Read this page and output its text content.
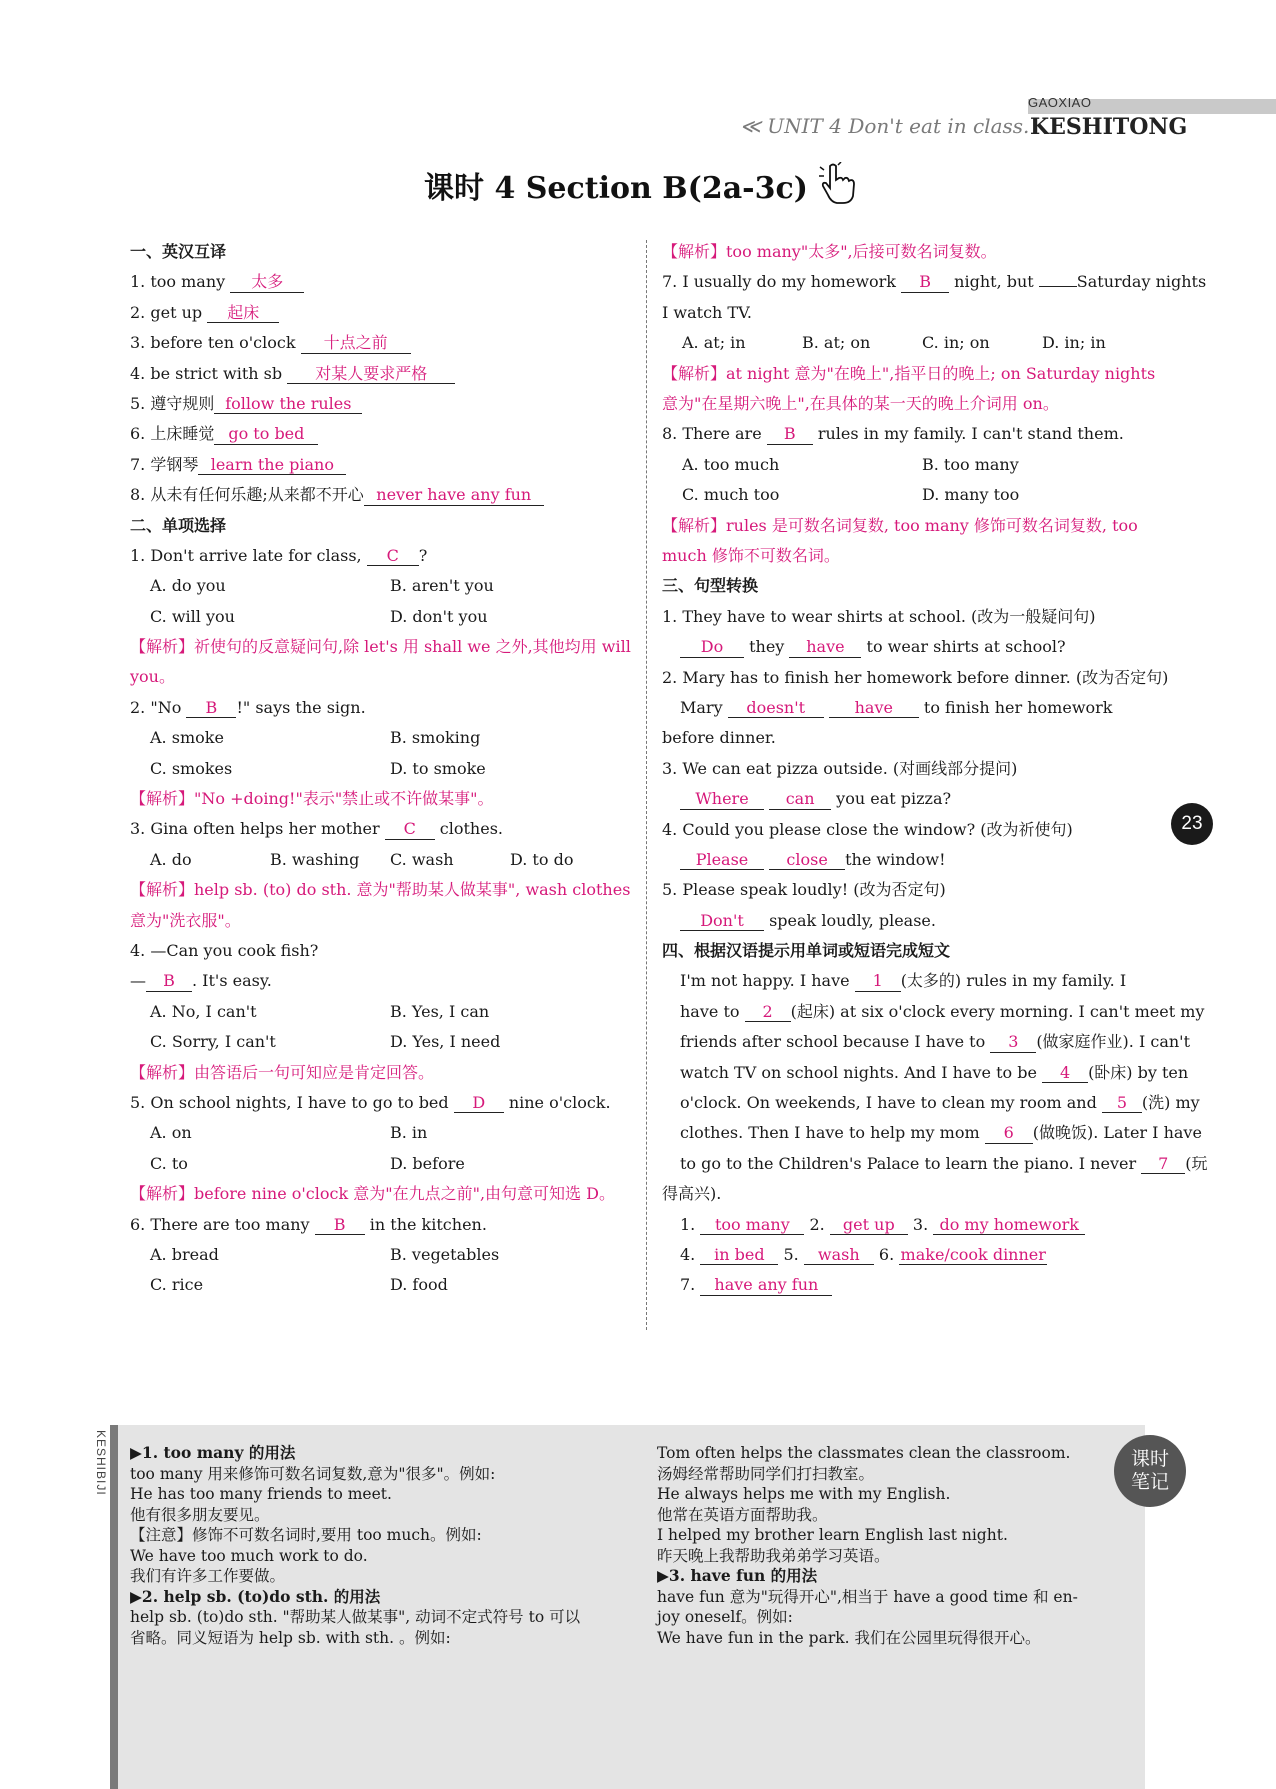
GAOXIAO
≪ UNIT 4 Don't eat in class. KESHITONG
课时 4 Section B(2a-3c)
一、英汉互译
1. too many 太多
2. get up 起床
3. before ten o'clock 十点之前
4. be strict with sb 对某人要求严格
5. 遵守规则 follow the rules
6. 上床睡觉 go to bed
7. 学钢琴 learn the piano
8. 从未有任何乐趣;从来都不开心 never have any fun
二、单项选择
1. Don't arrive late for class, C ?
A. do you	B. aren't you
C. will you	D. don't you
【解析】祈使句的反意疑问句,除 let's 用 shall we 之外,其他均用 will you。
2. "No B !" says the sign.
A. smoke	B. smoking
C. smokes	D. to smoke
【解析】"No +doing!"表示"禁止或不许做某事"。
3. Gina often helps her mother C clothes.
A. do	B. washing	C. wash	D. to do
【解析】help sb. (to) do sth. 意为"帮助某人做某事", wash clothes 意为"洗衣服"。
4. —Can you cook fish?
— B . It's easy.
A. No, I can't	B. Yes, I can
C. Sorry, I can't	D. Yes, I need
【解析】由答语后一句可知应是肯定回答。
5. On school nights, I have to go to bed D nine o'clock.
A. on	B. in
C. to	D. before
【解析】before nine o'clock 意为"在九点之前",由句意可知选 D。
6. There are too many B in the kitchen.
A. bread	B. vegetables
C. rice	D. food
【解析】too many"太多",后接可数名词复数。
7. I usually do my homework B night, but Saturday nights
I watch TV.
A. at; in	B. at; on	C. in; on	D. in; in
【解析】at night 意为"在晚上",指平日的晚上; on Saturday nights 意为"在星期六晚上",在具体的某一天的晚上介词用 on。
8. There are B rules in my family. I can't stand them.
A. too much	B. too many
C. much too	D. many too
【解析】rules 是可数名词复数, too many 修饰可数名词复数, too much 修饰不可数名词。
三、句型转换
1. They have to wear shirts at school. (改为一般疑问句)
Do they have to wear shirts at school?
2. Mary has to finish her homework before dinner. (改为否定句)
Mary doesn't	have to finish her homework
before dinner.
3. We can eat pizza outside. (对画线部分提问)
Where can you eat pizza?
4. Could you please close the window? (改为祈使句)
Please close the window!
5. Please speak loudly! (改为否定句)
Don't speak loudly, please.
四、根据汉语提示用单词或短语完成短文
I'm not happy. I have 1 (太多的) rules in my family. I
have to 2 (起床) at six o'clock every morning. I can't meet my
friends after school because I have to 3 (做家庭作业). I can't
watch TV on school nights. And I have to be 4 (卧床) by ten
o'clock. On weekends, I have to clean my room and 5 (洗) my
clothes. Then I have to help my mom 6 (做晚饭). Later I have
to go to the Children's Palace to learn the piano. I never 7 (玩
得高兴).
1. too many 2. get up 3. do my homework
4. in bed 5. wash 6. make/cook dinner
7. have any fun
23
KESHIBIJI ▶1. too many 的用法
too many 用来修饰可数名词复数,意为"很多"。例如:
He has too many friends to meet.
他有很多朋友要见。
【注意】修饰不可数名词时,要用 too much。例如:
We have too much work to do.
我们有许多工作要做。
▶2. help sb. (to)do sth. 的用法
help sb. (to)do sth. "帮助某人做某事", 动词不定式符号 to 可以
省略。同义短语为 help sb. with sth. 。例如:
Tom often helps the classmates clean the classroom.
汤姆经常帮助同学们打扫教室。
He always helps me with my English.
他常在英语方面帮助我。
I helped my brother learn English last night.
昨天晚上我帮助我弟弟学习英语。
▶3. have fun 的用法
have fun 意为"玩得开心",相当于 have a good time 和 en-
joy oneself。例如:
We have fun in the park. 我们在公园里玩得很开心。
课时
笔记
